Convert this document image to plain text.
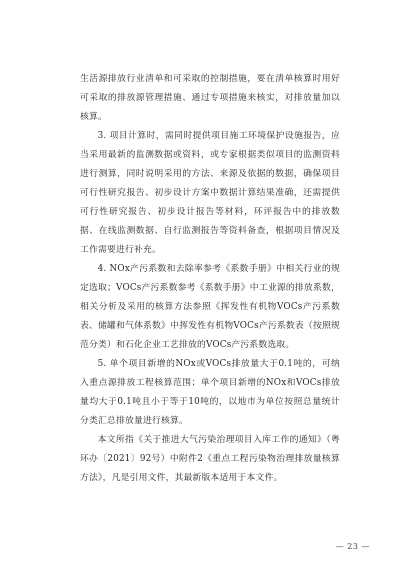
生活源排放行业清单和可采取的控制措施，要在清单核算时用好可采取的排放源管理措施、通过专项措施来核实，对排放量加以核算。

3. 项目计算时，需同时提供项目施工环境保护设施报告，应当采用最新的监测数据或资料，或专家根据类似项目的监测资料进行测算，同时说明采用的方法、来源及依据的数据，确保项目可行性研究报告、初步设计方案中数据计算结果准确，还需提供可行性研究报告、初步设计报告等材料，环评报告中的排放数据、在线监测数据、自行监测报告等资料备查，根据项目情况及工作需要进行补充。

4. NOx产污系数和去除率参考《系数手册》中相关行业的规定选取；VOCs产污系数参考《系数手册》中工业源的排放系数，相关分析及采用的核算方法参照《挥发性有机物VOCs产污系数表、储罐和气体系数》中挥发性有机物VOCs产污系数表（按照规范分类）和石化企业工艺排放的VOCs产污系数选取。

5. 单个项目新增的NOx或VOCs排放量大于0.1吨的，可纳入重点源排放工程核算范围；单个项目新增的NOx和VOCs排放量均大于0.1吨且小于等于10吨的，以地市为单位按照总量统计分类汇总排放量进行核算。

本文所指《关于推进大气污染治理项目入库工作的通知》（粤环办〔2021〕92号）中附件2《重点工程污染物治理排放量核算方法》，凡是引用文件，其最新版本适用于本文件。

— 23 —
